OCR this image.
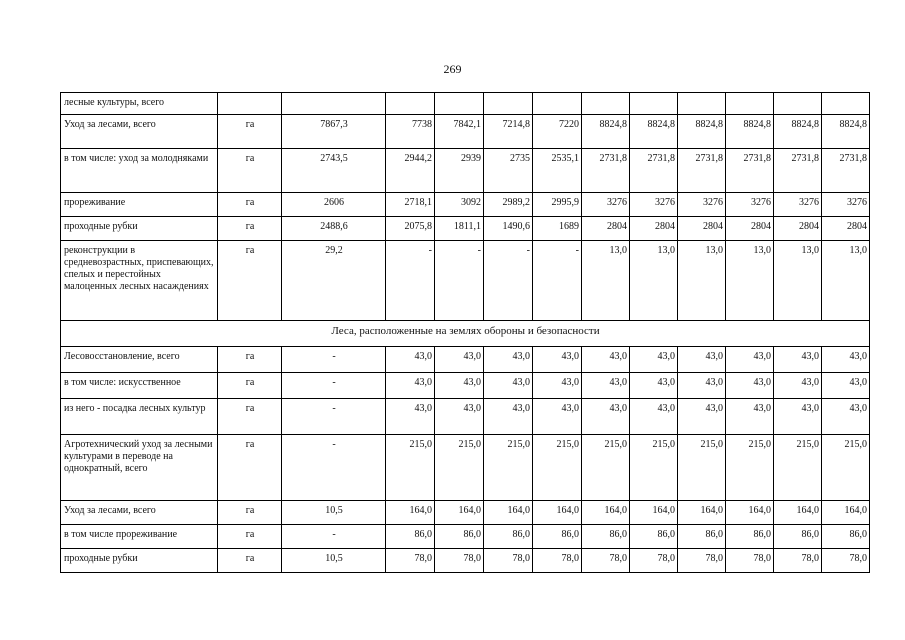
269
лесные культуры, всего												
Уход за лесами, всего	га	7867,3	7738	7842,1	7214,8	7220	8824,8	8824,8	8824,8	8824,8	8824,8	8824,8
в том числе: уход за молодняками	га	2743,5	2944,2	2939	2735	2535,1	2731,8	2731,8	2731,8	2731,8	2731,8	2731,8
прореживание	га	2606	2718,1	3092	2989,2	2995,9	3276	3276	3276	3276	3276	3276
проходные рубки	га	2488,6	2075,8	1811,1	1490,6	1689	2804	2804	2804	2804	2804	2804
реконструкции в средневозрастных, приспевающих, спелых и перестойных малоценных лесных насаждениях	га	29,2	-	-	-	-	13,0	13,0	13,0	13,0	13,0	13,0
Леса, расположенные на землях обороны и безопасности												
Лесовосстановление, всего	га	-	43,0	43,0	43,0	43,0	43,0	43,0	43,0	43,0	43,0	43,0
в том числе: искусственное	га	-	43,0	43,0	43,0	43,0	43,0	43,0	43,0	43,0	43,0	43,0
из него - посадка лесных культур	га	-	43,0	43,0	43,0	43,0	43,0	43,0	43,0	43,0	43,0	43,0
Агротехнический уход за лесными культурами в переводе на однократный, всего	га	-	215,0	215,0	215,0	215,0	215,0	215,0	215,0	215,0	215,0	215,0
Уход за лесами, всего	га	10,5	164,0	164,0	164,0	164,0	164,0	164,0	164,0	164,0	164,0	164,0
в том числе прореживание	га	-	86,0	86,0	86,0	86,0	86,0	86,0	86,0	86,0	86,0	86,0
проходные рубки	га	10,5	78,0	78,0	78,0	78,0	78,0	78,0	78,0	78,0	78,0	78,0
